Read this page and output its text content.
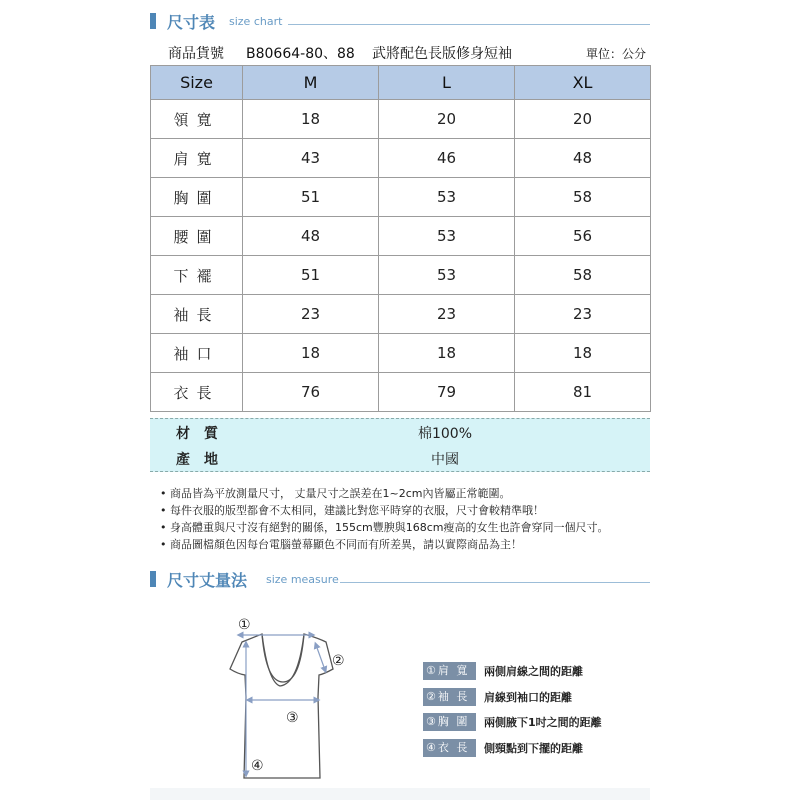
尺寸表 size chart
商品貨號 B80664-80、88 武將配色長版修身短袖	單位：公分
Size	M	L	XL
領寬	18	20	20
肩寬	43	46	48
胸圍	51	53	58
腰圍	48	53	56
下襬	51	53	58
袖長	23	23	23
袖口	18	18	18
衣長	76	79	81
材質	棉100%
產地	中國
• 商品皆為平放測量尺寸， 丈量尺寸之誤差在1~2cm內皆屬正常範圍。
• 每件衣服的版型都會不太相同，建議比對您平時穿的衣服，尺寸會較精準哦！
• 身高體重與尺寸沒有絕對的關係，155cm豐腴與168cm瘦高的女生也許會穿同一個尺寸。
• 商品圖檔顏色因每台電腦螢幕顯色不同而有所差異，請以實際商品為主！
尺寸丈量法 size measure
①
②
③
④
①肩 寬	兩側肩線之間的距離
②袖 長	肩線到袖口的距離
③胸 圍	兩側腋下1吋之間的距離
④衣 長	側頸點到下擺的距離
